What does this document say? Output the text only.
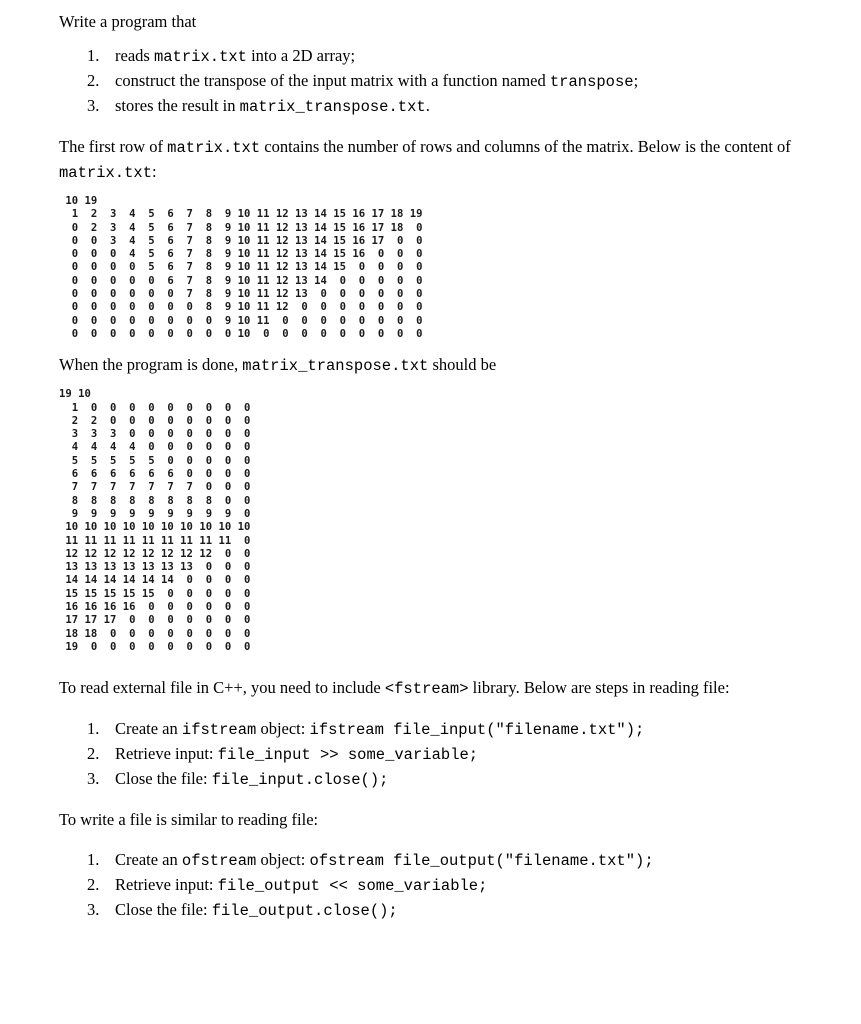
Write a program that

1. reads matrix.txt into a 2D array;
2. construct the transpose of the input matrix with a function named transpose;
3. stores the result in matrix_transpose.txt.

The first row of matrix.txt contains the number of rows and columns of the matrix. Below is the content of matrix.txt:

10 19
1  2  3  4  5  6  7  8  9 10 11 12 13 14 15 16 17 18 19
0  2  3  4  5  6  7  8  9 10 11 12 13 14 15 16 17 18  0
0  0  3  4  5  6  7  8  9 10 11 12 13 14 15 16 17  0  0
0  0  0  4  5  6  7  8  9 10 11 12 13 14 15 16  0  0  0
0  0  0  0  5  6  7  8  9 10 11 12 13 14 15  0  0  0  0
0  0  0  0  0  6  7  8  9 10 11 12 13 14  0  0  0  0  0
0  0  0  0  0  0  7  8  9 10 11 12 13  0  0  0  0  0  0
0  0  0  0  0  0  0  8  9 10 11 12  0  0  0  0  0  0  0
0  0  0  0  0  0  0  0  9 10 11  0  0  0  0  0  0  0  0
0  0  0  0  0  0  0  0  0 10  0  0  0  0  0  0  0  0  0

When the program is done, matrix_transpose.txt should be

19 10
1  0  0  0  0  0  0  0  0  0
2  2  0  0  0  0  0  0  0  0
3  3  3  0  0  0  0  0  0  0
4  4  4  4  0  0  0  0  0  0
5  5  5  5  5  0  0  0  0  0
6  6  6  6  6  6  0  0  0  0
7  7  7  7  7  7  7  0  0  0
8  8  8  8  8  8  8  8  0  0
9  9  9  9  9  9  9  9  9  0
10 10 10 10 10 10 10 10 10 10
11 11 11 11 11 11 11 11 11  0
12 12 12 12 12 12 12 12  0  0
13 13 13 13 13 13 13  0  0  0
14 14 14 14 14 14  0  0  0  0
15 15 15 15 15  0  0  0  0  0
16 16 16 16  0  0  0  0  0  0
17 17 17  0  0  0  0  0  0  0
18 18  0  0  0  0  0  0  0  0
19  0  0  0  0  0  0  0  0  0

To read external file in C++, you need to include <fstream> library. Below are steps in reading file:

1. Create an ifstream object: ifstream file_input("filename.txt");
2. Retrieve input: file_input >> some_variable;
3. Close the file: file_input.close();

To write a file is similar to reading file:

1. Create an ofstream object: ofstream file_output("filename.txt");
2. Retrieve input: file_output << some_variable;
3. Close the file: file_output.close();
